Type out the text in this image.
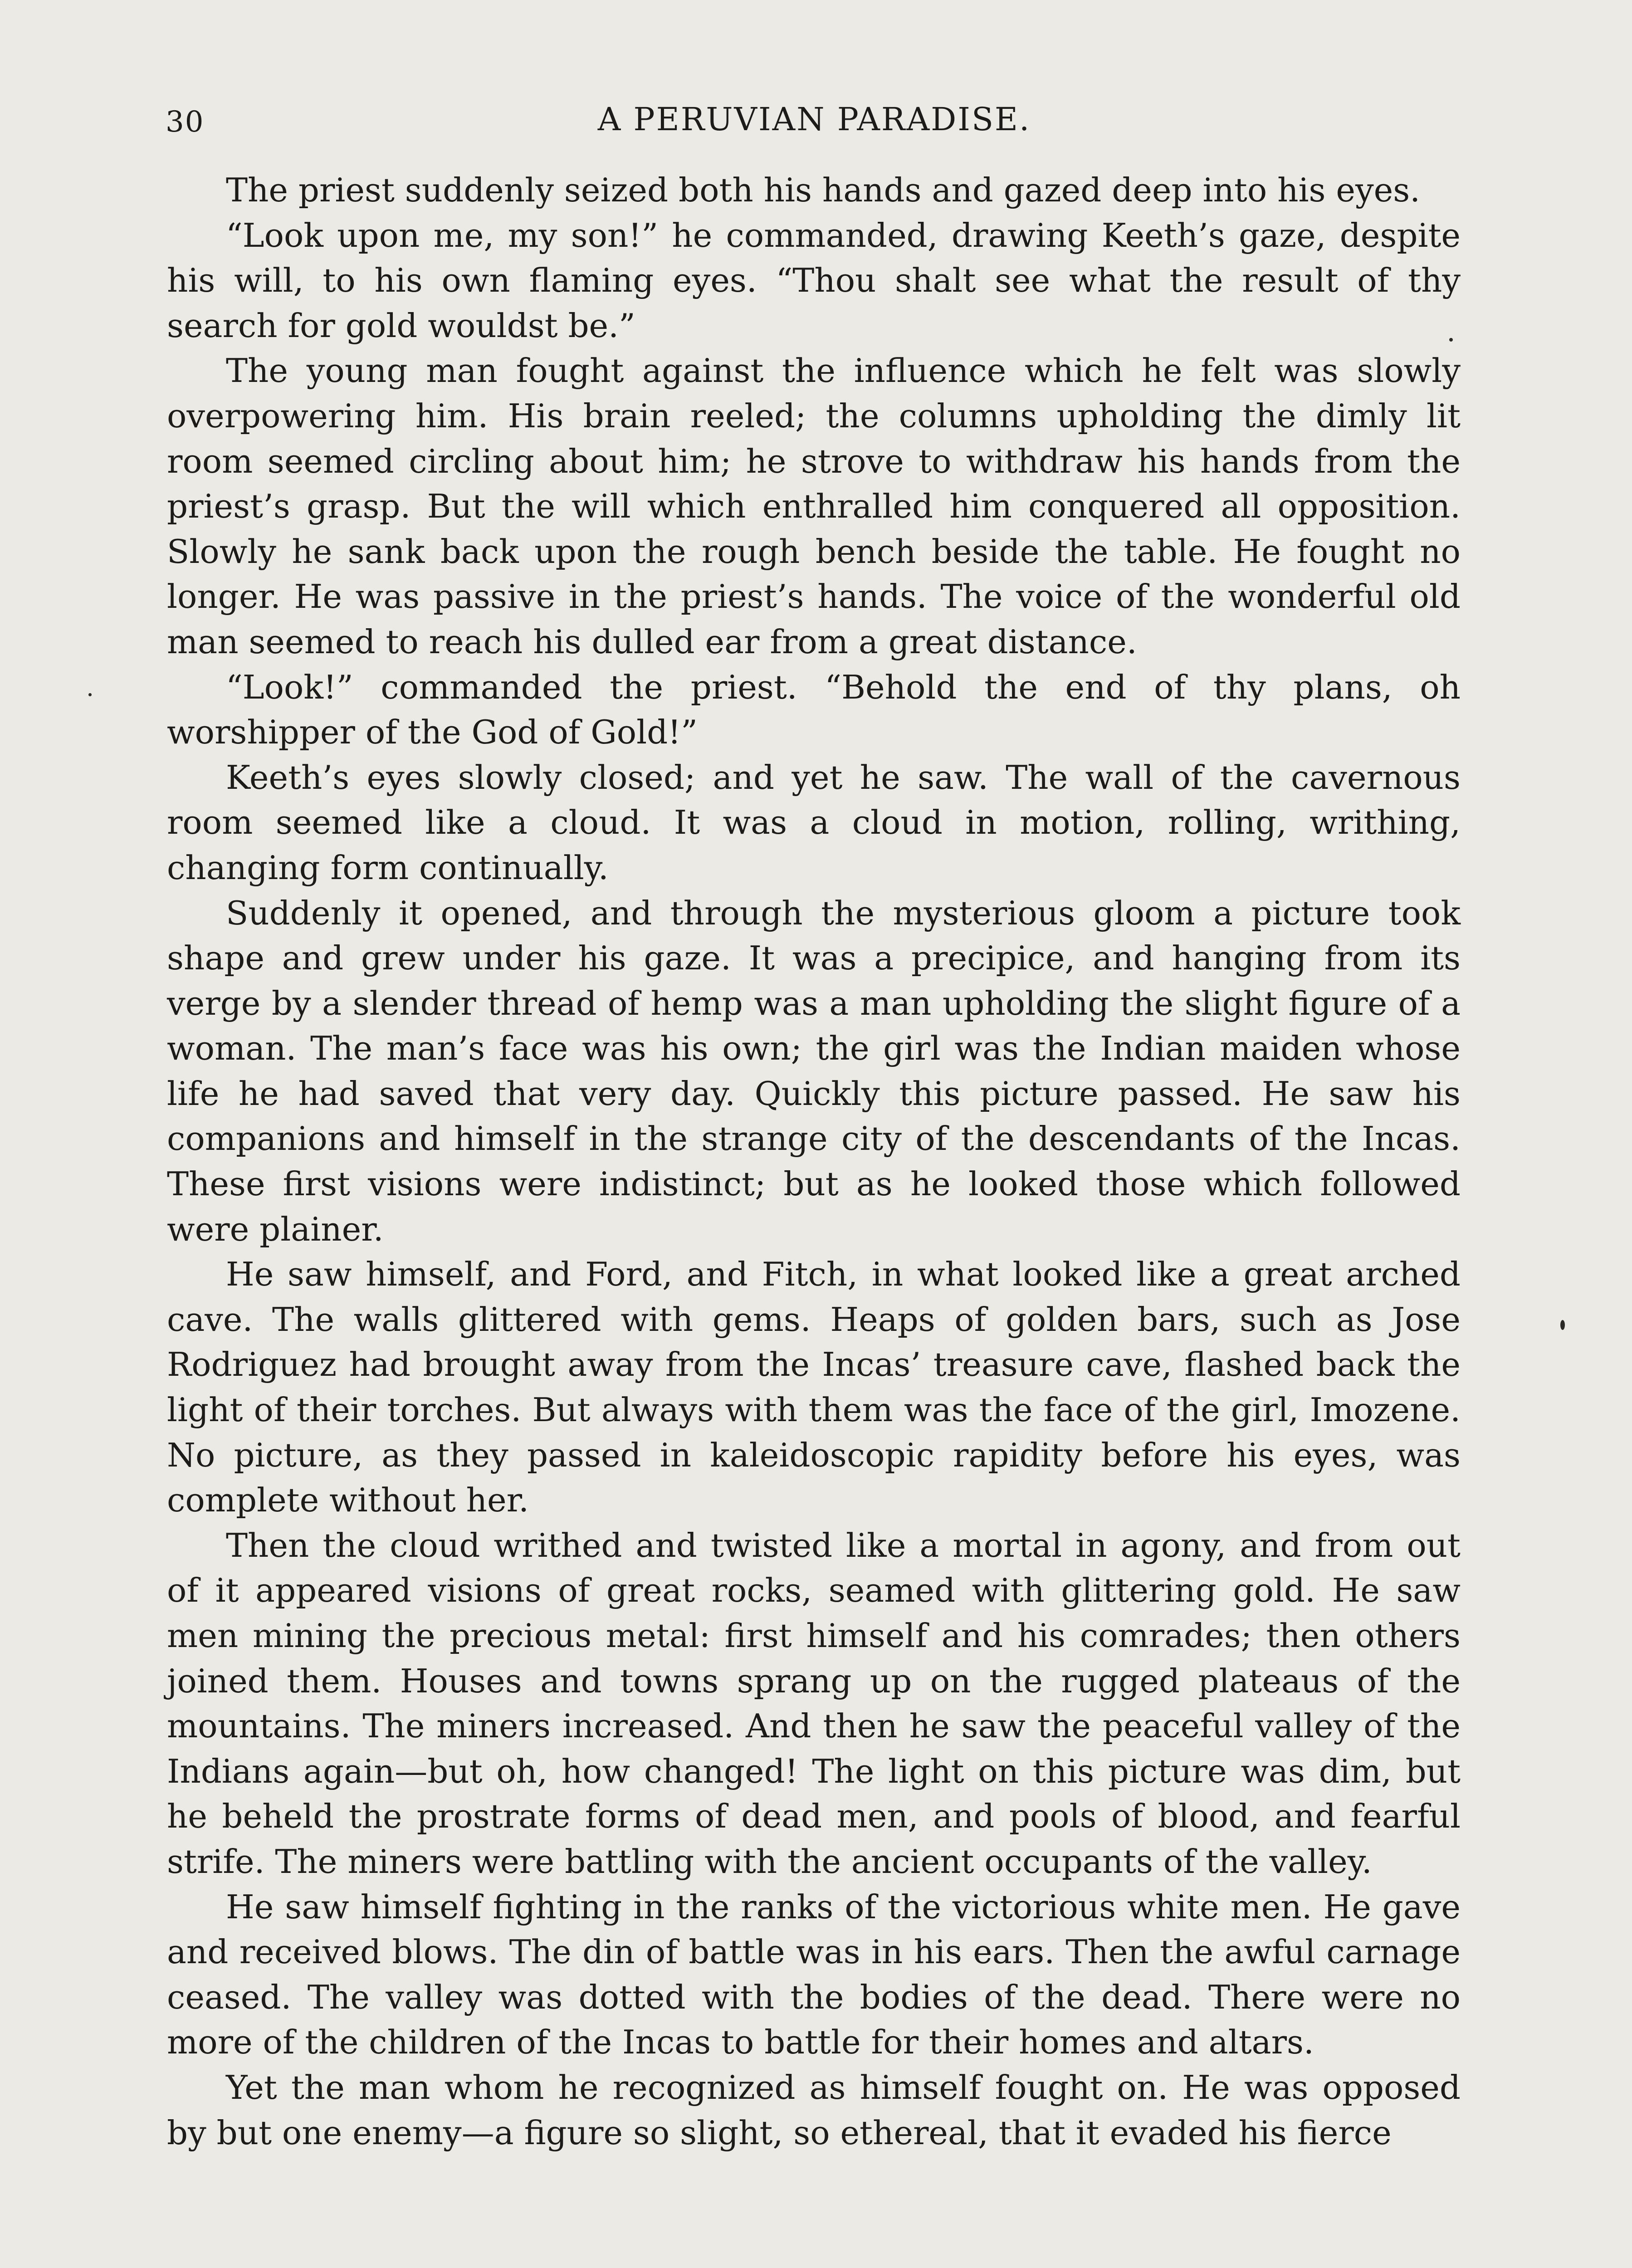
30	A PERUVIAN PARADISE.

The priest suddenly seized both his hands and gazed deep into his eyes.

“Look upon me, my son!” he commanded, drawing Keeth’s gaze, despite his will, to his own flaming eyes. “Thou shalt see what the result of thy search for gold wouldst be.”

The young man fought against the influence which he felt was slowly overpowering him. His brain reeled; the columns upholding the dimly lit room seemed circling about him; he strove to withdraw his hands from the priest’s grasp. But the will which enthralled him conquered all opposition. Slowly he sank back upon the rough bench beside the table. He fought no longer. He was passive in the priest’s hands. The voice of the wonderful old man seemed to reach his dulled ear from a great distance.

“Look!” commanded the priest. “Behold the end of thy plans, oh worshipper of the God of Gold!”

Keeth’s eyes slowly closed; and yet he saw. The wall of the cavernous room seemed like a cloud. It was a cloud in motion, rolling, writhing, changing form continually.

Suddenly it opened, and through the mysterious gloom a picture took shape and grew under his gaze. It was a precipice, and hanging from its verge by a slender thread of hemp was a man upholding the slight figure of a woman. The man’s face was his own; the girl was the Indian maiden whose life he had saved that very day. Quickly this picture passed. He saw his companions and himself in the strange city of the descendants of the Incas. These first visions were indistinct; but as he looked those which followed were plainer.

He saw himself, and Ford, and Fitch, in what looked like a great arched cave. The walls glittered with gems. Heaps of golden bars, such as Jose Rodriguez had brought away from the Incas’ treasure cave, flashed back the light of their torches. But always with them was the face of the girl, Imozene. No picture, as they passed in kaleidoscopic rapidity before his eyes, was complete without her.

Then the cloud writhed and twisted like a mortal in agony, and from out of it appeared visions of great rocks, seamed with glittering gold. He saw men mining the precious metal: first himself and his comrades; then others joined them. Houses and towns sprang up on the rugged plateaus of the mountains. The miners increased. And then he saw the peaceful valley of the Indians again—but oh, how changed! The light on this picture was dim, but he beheld the prostrate forms of dead men, and pools of blood, and fearful strife. The miners were battling with the ancient occupants of the valley.

He saw himself fighting in the ranks of the victorious white men. He gave and received blows. The din of battle was in his ears. Then the awful carnage ceased. The valley was dotted with the bodies of the dead. There were no more of the children of the Incas to battle for their homes and altars.

Yet the man whom he recognized as himself fought on. He was opposed by but one enemy—a figure so slight, so ethereal, that it evaded his fierce
